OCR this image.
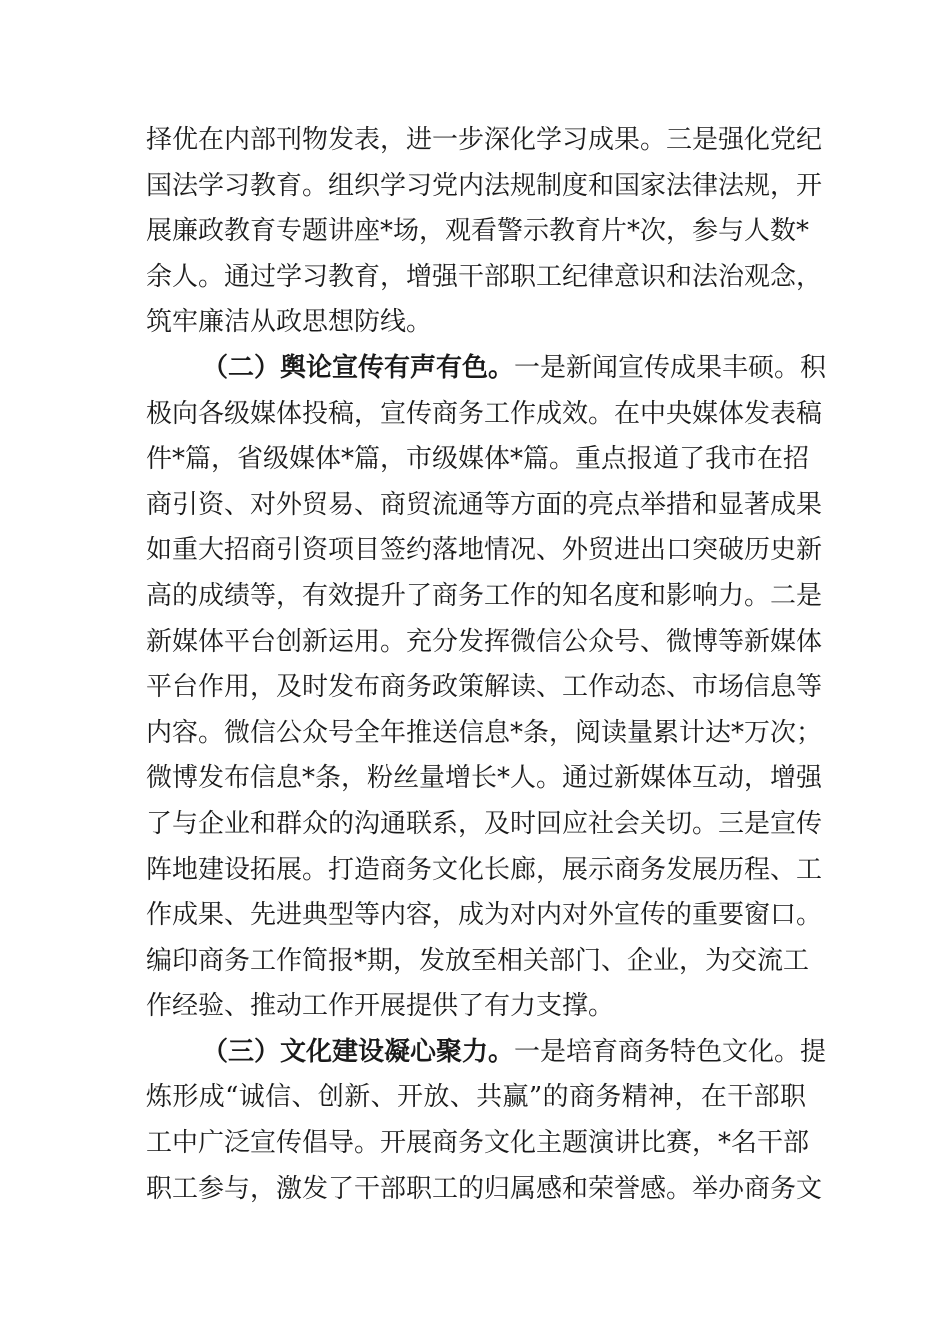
择优在内部刊物发表，进一步深化学习成果。三是强化党纪
国法学习教育。组织学习党内法规制度和国家法律法规，开
展廉政教育专题讲座*场，观看警示教育片*次，参与人数*
余人。通过学习教育，增强干部职工纪律意识和法治观念，
筑牢廉洁从政思想防线。
（二）舆论宣传有声有色。一是新闻宣传成果丰硕。积
极向各级媒体投稿，宣传商务工作成效。在中央媒体发表稿
件*篇，省级媒体*篇，市级媒体*篇。重点报道了我市在招
商引资、对外贸易、商贸流通等方面的亮点举措和显著成果
如重大招商引资项目签约落地情况、外贸进出口突破历史新
高的成绩等，有效提升了商务工作的知名度和影响力。二是
新媒体平台创新运用。充分发挥微信公众号、微博等新媒体
平台作用，及时发布商务政策解读、工作动态、市场信息等
内容。微信公众号全年推送信息*条，阅读量累计达*万次；
微博发布信息*条，粉丝量增长*人。通过新媒体互动，增强
了与企业和群众的沟通联系，及时回应社会关切。三是宣传
阵地建设拓展。打造商务文化长廊，展示商务发展历程、工
作成果、先进典型等内容，成为对内对外宣传的重要窗口。
编印商务工作简报*期，发放至相关部门、企业，为交流工
作经验、推动工作开展提供了有力支撑。
（三）文化建设凝心聚力。一是培育商务特色文化。提
炼形成“诚信、创新、开放、共赢”的商务精神，在干部职
工中广泛宣传倡导。开展商务文化主题演讲比赛，*名干部
职工参与，激发了干部职工的归属感和荣誉感。举办商务文
